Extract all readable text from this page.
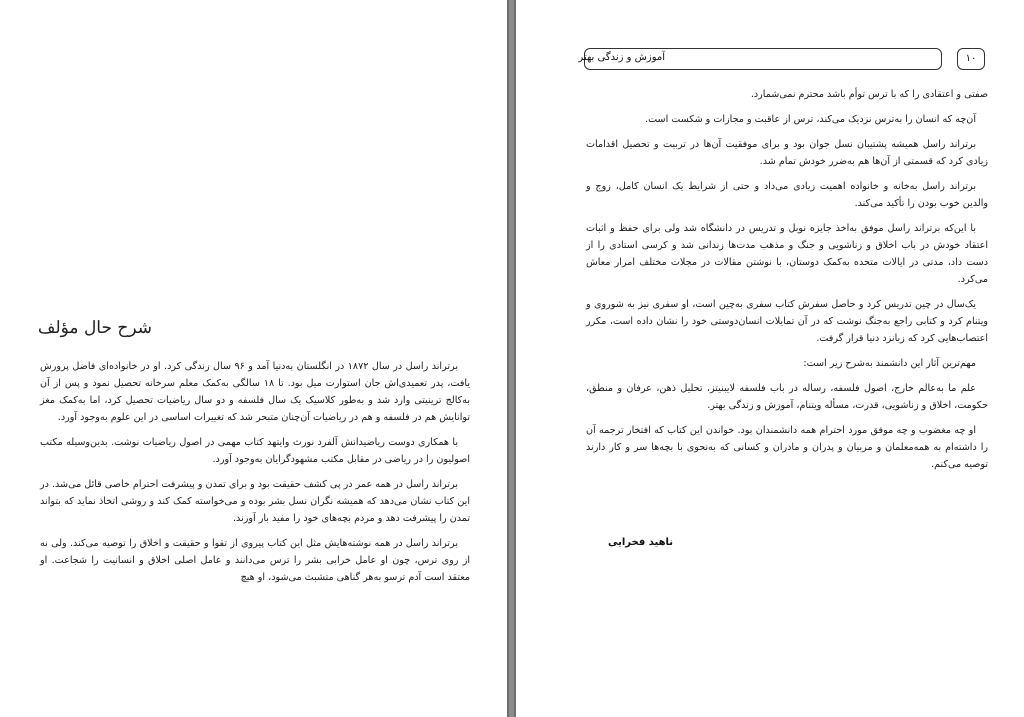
شرح حال مؤلف

برتراند راسل در سال ۱۸۷۲ در انگلستان به‌دنیا آمد و ۹۶ سال زندگی کرد. او در خانواده‌ای فاضل پرورش یافت، پدر تعمیدی‌اش جان استوارت میل بود. تا ۱۸ سالگی به‌کمک معلم سرخانه تحصیل نمود و پس از آن به‌کالج ترینیتی وارد شد و به‌طور کلاسیک یک سال فلسفه و دو سال ریاضیات تحصیل کرد، اما به‌کمک مغز توانایش هم در فلسفه و هم در ریاضیات آن‌چنان متبحر شد که تغییرات اساسی در این علوم به‌وجود آورد.

با همکاری دوست ریاضیدانش آلفرد نورث وایتهد کتاب مهمی در اصول ریاضیات نوشت. بدین‌وسیله مکتب اصولیون را در ریاضی در مقابل مکتب مشهودگرایان به‌وجود آورد.

برتراند راسل در همه عمر در پی کشف حقیقت بود و برای تمدن و پیشرفت احترام خاصی قائل می‌شد. در این کتاب نشان می‌دهد که همیشه نگران نسل بشر بوده و می‌خواسته کمک کند و روشی اتخاذ نماید که بتواند تمدن را پیشرفت دهد و مردم بچه‌های خود را مفید بار آورند.

برتراند راسل در همه نوشته‌هایش مثل این کتاب پیروی از تقوا و حقیقت و اخلاق را توصیه می‌کند. ولی نه از روی ترس، چون او عامل خرابی بشر را ترس می‌دانند و عامل اصلی اخلاق و انسانیت را شجاعت. او معتقد است آدم ترسو به‌هر گناهی متشبث می‌شود، او هیچ

آموزش و زندگی بهتر	۱۰

صفتی و اعتقادی را که با ترس توأم باشد محترم نمی‌شمارد.

آن‌چه که انسان را به‌ترس نزدیک می‌کند، ترس از عاقبت و مجازات و شکست است.

برتراند راسل همیشه پشتیبان نسل جوان بود و برای موفقیت آن‌ها در تربیت و تحصیل اقدامات زیادی کرد که قسمتی از آن‌ها هم به‌ضرر خودش تمام شد.

برتراند راسل به‌خانه و خانواده اهمیت زیادی می‌داد و حتی از شرایط یک انسان کامل، زوج و والدین خوب بودن را تأکید می‌کند.

با این‌که برتراند راسل موفق به‌اخذ جایزه نوبل و تدریس در دانشگاه شد ولی برای حفظ و اثبات اعتقاد خودش در باب اخلاق و زناشویی و جنگ و مذهب مدت‌ها زندانی شد و کرسی استادی را از دست داد، مدتی در ایالات متحده به‌کمک دوستان، با نوشتن مقالات در مجلات مختلف امرار معاش می‌کرد.

یک‌سال در چین تدریس کرد و حاصل سفرش کتاب سفری به‌چین است، او سفری نیز به شوروی و ویتنام کرد و کتابی راجع به‌جنگ نوشت که در آن تمایلات انسان‌دوستی خود را نشان داده است، مکرر اعتصاب‌هایی کرد که زبانزد دنیا قرار گرفت.

مهم‌ترین آثار این دانشمند به‌شرح زیر است:

علم ما به‌عالم خارج، اصول فلسفه، رساله در باب فلسفه لایبنیتز، تحلیل ذهن، عرفان و منطق، حکومت، اخلاق و زناشویی، قدرت، مسأله ویتنام، آموزش و زندگی بهتر.

او چه مغضوب و چه موفق مورد احترام همه دانشمندان بود. خواندن این کتاب که افتخار ترجمه آن را داشته‌ام به همه‌معلمان و مربیان و پدران و مادران و کسانی که به‌نحوی با بچه‌ها سر و کار دارند توصیه می‌کنم.

ناهید فخرایی
